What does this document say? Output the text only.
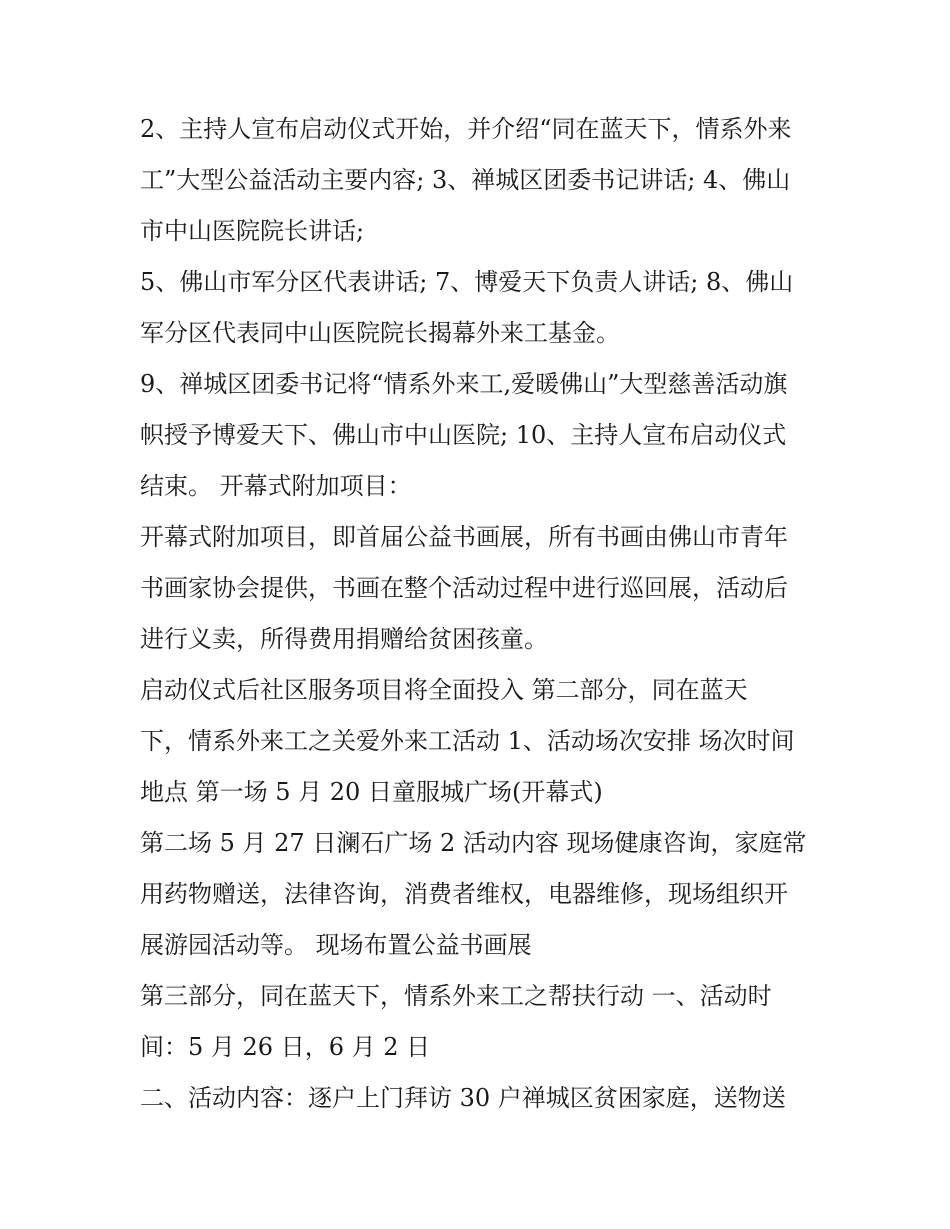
2、主持人宣布启动仪式开始，并介绍“同在蓝天下，情系外来
工”大型公益活动主要内容; 3、禅城区团委书记讲话; 4、佛山
市中山医院院长讲话;

5、佛山市军分区代表讲话; 7、博爱天下负责人讲话; 8、佛山
军分区代表同中山医院院长揭幕外来工基金。

9、禅城区团委书记将“情系外来工,爱暖佛山”大型慈善活动旗
帜授予博爱天下、佛山市中山医院; 10、主持人宣布启动仪式
结束。 开幕式附加项目：

开幕式附加项目，即首届公益书画展，所有书画由佛山市青年
书画家协会提供，书画在整个活动过程中进行巡回展，活动后
进行义卖，所得费用捐赠给贫困孩童。

启动仪式后社区服务项目将全面投入 第二部分，同在蓝天
下，情系外来工之关爱外来工活动 1、活动场次安排 场次时间
地点 第一场 5 月 20 日童服城广场(开幕式)

第二场 5 月 27 日澜石广场 2 活动内容 现场健康咨询，家庭常
用药物赠送，法律咨询，消费者维权，电器维修，现场组织开
展游园活动等。 现场布置公益书画展

第三部分，同在蓝天下，情系外来工之帮扶行动 一、活动时
间：5 月 26 日，6 月 2 日

二、活动内容：逐户上门拜访 30 户禅城区贫困家庭，送物送
